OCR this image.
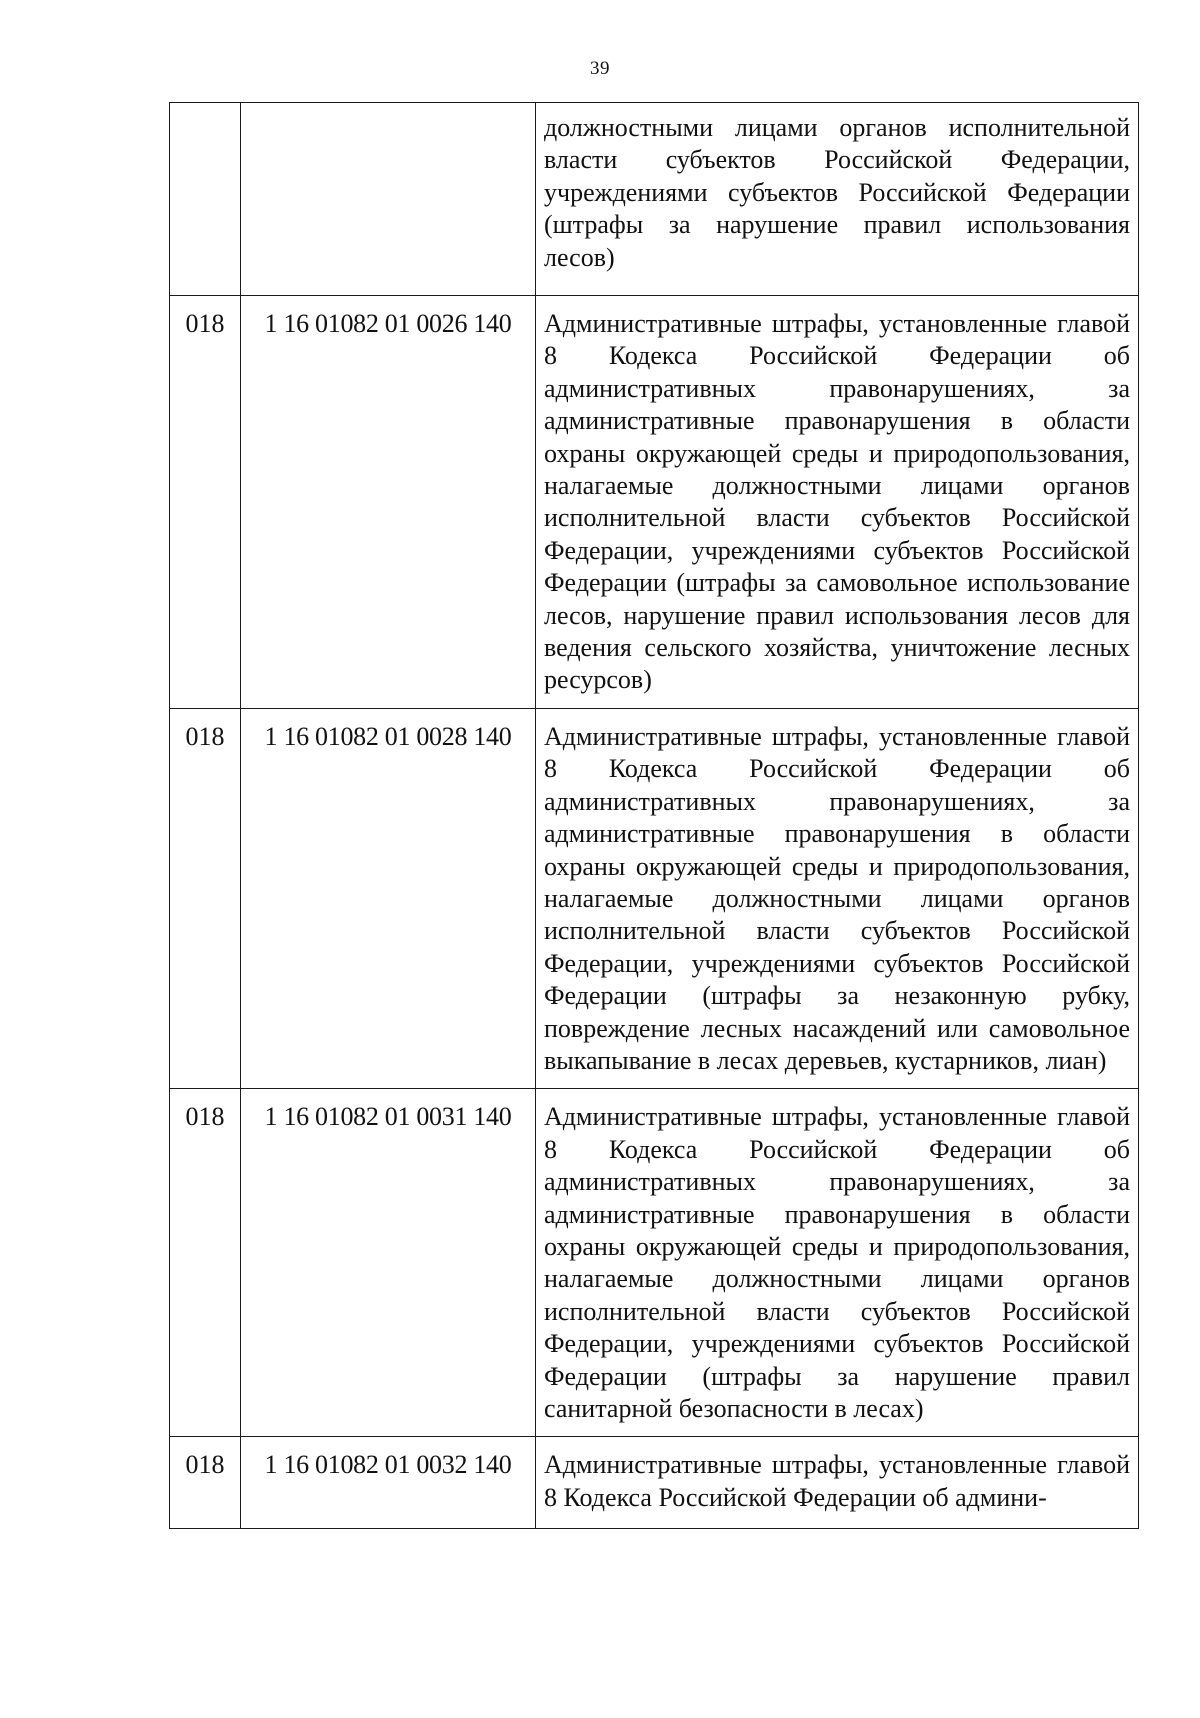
39
		должностными лицами органов исполнительной власти субъектов Российской Федерации, учреждениями субъектов Российской Федерации (штрафы за нарушение правил использования лесов)
018	1 16 01082 01 0026 140	Административные штрафы, установленные главой 8 Кодекса Российской Федерации об административных правонарушениях, за административные правонарушения в области охраны окружающей среды и природопользования, налагаемые должностными лицами органов исполнительной власти субъектов Российской Федерации, учреждениями субъектов Российской Федерации (штрафы за самовольное использование лесов, нарушение правил использования лесов для ведения сельского хозяйства, уничтожение лесных ресурсов)
018	1 16 01082 01 0028 140	Административные штрафы, установленные главой 8 Кодекса Российской Федерации об административных правонарушениях, за административные правонарушения в области охраны окружающей среды и природопользования, налагаемые должностными лицами органов исполнительной власти субъектов Российской Федерации, учреждениями субъектов Российской Федерации (штрафы за незаконную рубку, повреждение лесных насаждений или самовольное выкапывание в лесах деревьев, кустарников, лиан)
018	1 16 01082 01 0031 140	Административные штрафы, установленные главой 8 Кодекса Российской Федерации об административных правонарушениях, за административные правонарушения в области охраны окружающей среды и природопользования, налагаемые должностными лицами органов исполнительной власти субъектов Российской Федерации, учреждениями субъектов Российской Федерации (штрафы за нарушение правил санитарной безопасности в лесах)
018	1 16 01082 01 0032 140	Административные штрафы, установленные главой 8 Кодекса Российской Федерации об админи-
